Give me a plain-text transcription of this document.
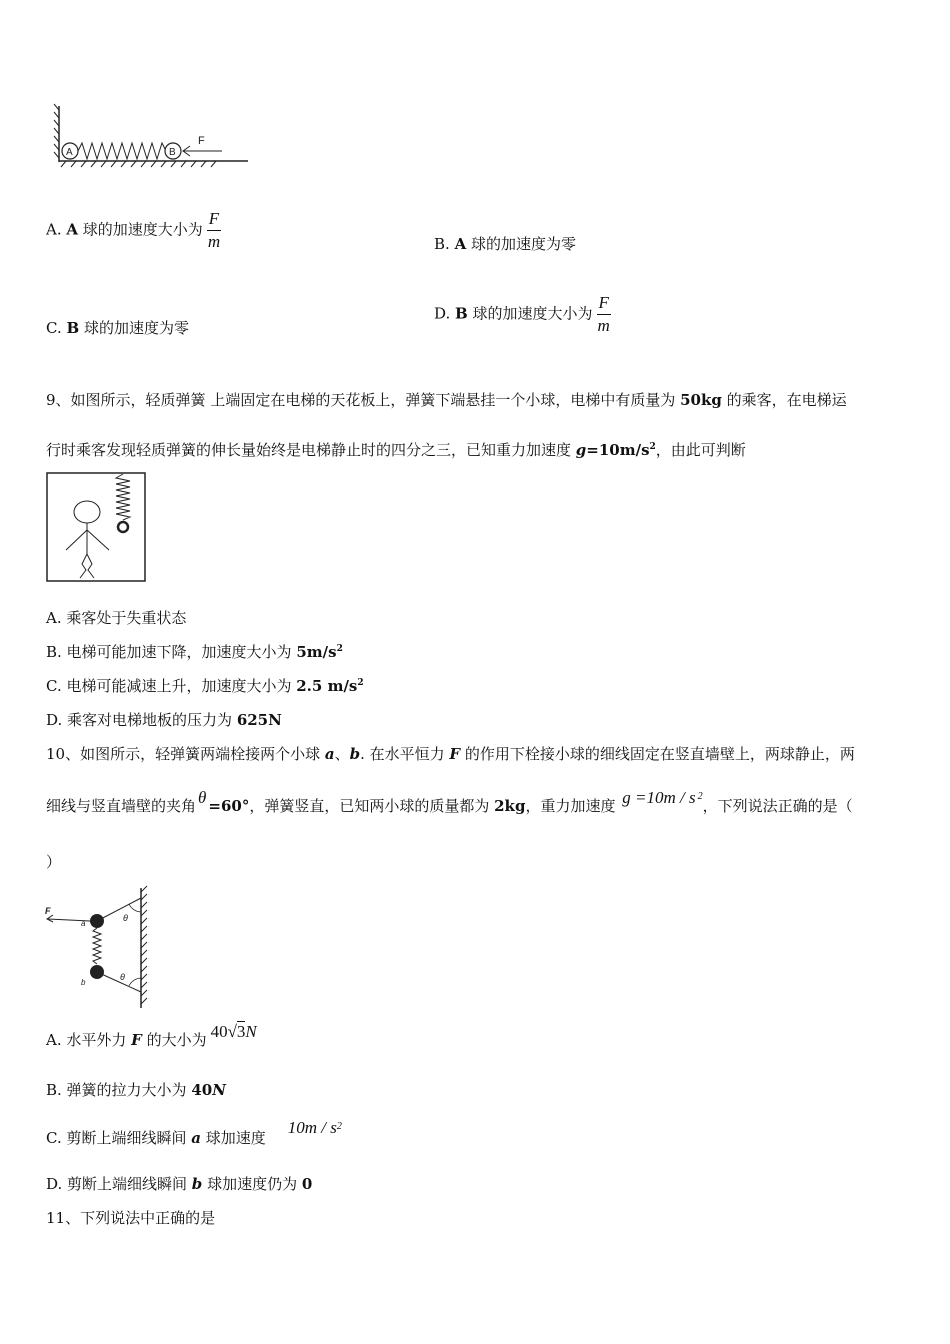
A	B
F
A. A 球的加速度大小为 $\frac{F}{m}$	B. A 球的加速度为零
C. B 球的加速度为零
D. B 球的加速度大小为 $\frac{F}{m}$
9、如图所示，轻质弹簧 上端固定在电梯的天花板上，弹簧下端悬挂一个小球，电梯中有质量为 50kg 的乘客，在电梯运
行时乘客发现轻质弹簧的伸长量始终是电梯静止时的四分之三，已知重力加速度 $g=10m/s^2$，由此可判断
A. 乘客处于失重状态
B. 电梯可能加速下降，加速度大小为 $5m/s^2$
C. 电梯可能减速上升，加速度大小为 2.5 $m/s^2$
D. 乘客对电梯地板的压力为 625N
10、如图所示，轻弹簧两端栓接两个小球 a、b. 在水平恒力 F 的作用下栓接小球的细线固定在竖直墙壁上，两球静止，两
细线与竖直墙壁的夹角 θ =60°，弹簧竖直，已知两小球的质量都为 2kg，重力加速度 g =10m / s $^2$，下列说法正确的是（
）
θ
θ
a
b
F
A. 水平外力 F 的大小为 40√3N
B. 弹簧的拉力大小为 40N
C. 剪断上端细线瞬间 a 球加速度$10m / s^2$
D. 剪断上端细线瞬间 b 球加速度仍为 0
11、下列说法中正确的是
